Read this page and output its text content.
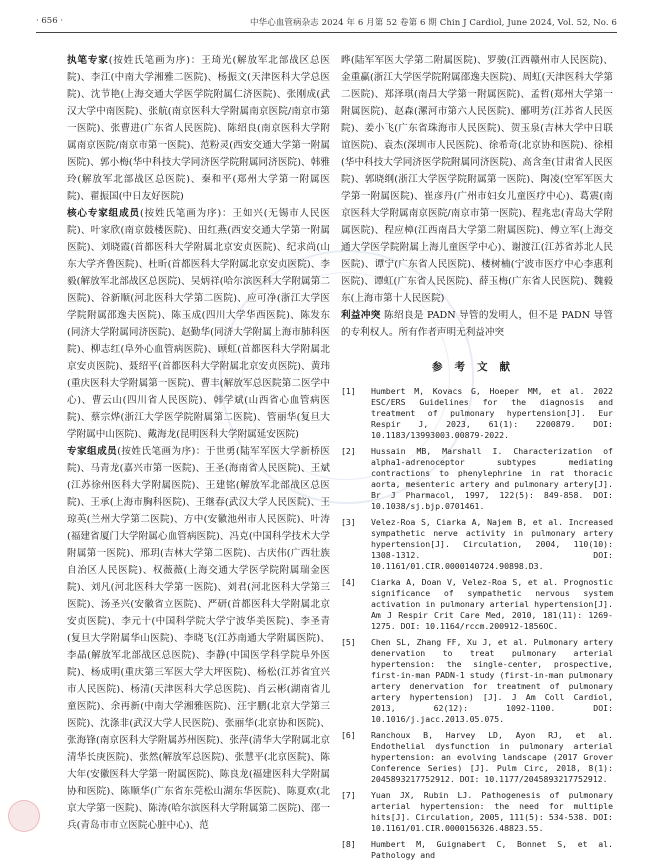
· 656 ·	中华心血管病杂志 2024 年 6 月第 52 卷第 6 期 Chin J Cardiol, June 2024, Vol. 52, No. 6

执笔专家(按姓氏笔画为序)：王琦光(解放军北部战区总医院)、李江(中南大学湘雅二医院)、杨振文(天津医科大学总医院)、沈节艳(上海交通大学医学院附属仁济医院)、张刚成(武汉大学中南医院)、张航(南京医科大学附属南京医院/南京市第一医院)、张曹进(广东省人民医院)、陈绍良(南京医科大学附属南京医院/南京市第一医院)、范粉灵(西安交通大学第一附属医院)、郭小梅(华中科技大学同济医学院附属同济医院)、韩雅玲(解放军北部战区总医院)、秦和平(郑州大学第一附属医院)、翟振国(中日友好医院)

核心专家组成员(按姓氏笔画为序)：王如兴(无锡市人民医院)、叶家欣(南京鼓楼医院)、田红燕(西安交通大学第一附属医院)、刘晓霞(首都医科大学附属北京安贞医院)、纪求尚(山东大学齐鲁医院)、杜昕(首都医科大学附属北京安贞医院)、李毅(解放军北部战区总医院)、吴炳祥(哈尔滨医科大学附属第二医院)、谷新顺(河北医科大学第二医院)、应可净(浙江大学医学院附属邵逸夫医院)、陈玉成(四川大学华西医院)、陈发东(同济大学附属同济医院)、赵勤华(同济大学附属上海市肺科医院)、柳志红(阜外心血管病医院)、顾虹(首都医科大学附属北京安贞医院)、聂绍平(首都医科大学附属北京安贞医院)、黄玮(重庆医科大学附属第一医院)、曹丰(解放军总医院第二医学中心)、曹云山(四川省人民医院)、韩学斌(山西省心血管病医院)、蔡宗烨(浙江大学医学院附属第二医院)、管丽华(复旦大学附属中山医院)、戴海龙(昆明医科大学附属延安医院)

专家组成员(按姓氏笔画为序)：于世勇(陆军军医大学新桥医院)、马青龙(嘉兴市第一医院)、王圣(海南省人民医院)、王斌(江苏徐州医科大学附属医院)、王建铭(解放军北部战区总医院)、王承(上海市胸科医院)、王继春(武汉大学人民医院)、王琼英(兰州大学第二医院)、方中(安徽池州市人民医院)、叶涛(福建省厦门大学附属心血管病医院)、冯克(中国科学技术大学附属第一医院)、邢玥(吉林大学第二医院)、古庆伟(广西壮族自治区人民医院)、权薇薇(上海交通大学医学院附属瑞金医院)、刘凡(河北医科大学第一医院)、刘君(河北医科大学第三医院)、汤圣兴(安徽省立医院)、严研(首都医科大学附属北京安贞医院)、李元十(中国科学院大学宁波华美医院)、李圣青(复旦大学附属华山医院)、李晓飞(江苏南通大学附属医院)、李晶(解放军北部战区总医院)、李静(中国医学科学院阜外医院)、杨成明(重庆第三军医大学大坪医院)、杨松(江苏省宜兴市人民医院)、杨清(天津医科大学总医院)、肖云彬(湖南省儿童医院)、余再新(中南大学湘雅医院)、汪宇鹏(北京大学第三医院)、沈涤非(武汉大学人民医院)、张丽华(北京协和医院)、张海锋(南京医科大学附属苏州医院)、张萍(清华大学附属北京清华长庚医院)、张然(解放军总医院)、张慧平(北京医院)、陈大年(安徽医科大学第一附属医院)、陈良龙(福建医科大学附属协和医院)、陈顺华(广东省东莞松山湖东华医院)、陈夏欢(北京大学第一医院)、陈涛(哈尔滨医科大学附属第二医院)、邵一兵(青岛市市立医院心脏中心)、范

晔(陆军军医大学第二附属医院)、罗骏(江西赣州市人民医院)、金重赢(浙江大学医学院附属邵逸夫医院)、周虹(天津医科大学第二医院)、郑泽琪(南昌大学第一附属医院)、孟哲(郑州大学第一附属医院)、赵森(漯河市第六人民医院)、郦明芳(江苏省人民医院)、姜小飞(广东省珠海市人民医院)、贺玉泉(吉林大学中日联谊医院)、袁杰(深圳市人民医院)、徐希奇(北京协和医院)、徐相(华中科技大学同济医学院附属同济医院)、高含奎(甘肃省人民医院)、郭晓纲(浙江大学医学院附属第一医院)、陶凌(空军军医大学第一附属医院)、崔彦丹(广州市妇女儿童医疗中心)、葛震(南京医科大学附属南京医院/南京市第一医院)、程兆忠(青岛大学附属医院)、程应樟(江西南昌大学第二附属医院)、傅立军(上海交通大学医学院附属上海儿童医学中心)、谢渡江(江苏省苏北人民医院)、谭宁(广东省人民医院)、楼树楠(宁波市医疗中心李惠利医院)、谭虹(广东省人民医院)、薛玉梅(广东省人民医院)、魏毅东(上海市第十人民医院)

利益冲突 陈绍良是 PADN 导管的发明人，但不是 PADN 导管的专利权人。所有作者声明无利益冲突

参考文献
[1] Humbert M, Kovacs G, Hoeper MM, et al. 2022 ESC/ERS Guidelines for the diagnosis and treatment of pulmonary hypertension[J]. Eur Respir J, 2023, 61(1): 2200879. DOI: 10.1183/13993003.00879-2022.
[2] Hussain MB, Marshall I. Characterization of alpha1-adrenoceptor subtypes mediating contractions to phenylephrine in rat thoracic aorta, mesenteric artery and pulmonary artery[J]. Br J Pharmacol, 1997, 122(5): 849-858. DOI: 10.1038/sj.bjp.0701461.
[3] Velez-Roa S, Ciarka A, Najem B, et al. Increased sympathetic nerve activity in pulmonary artery hypertension[J]. Circulation, 2004, 110(10): 1308-1312. DOI: 10.1161/01.CIR.0000140724.90898.D3.
[4] Ciarka A, Doan V, Velez-Roa S, et al. Prognostic significance of sympathetic nervous system activation in pulmonary arterial hypertension[J]. Am J Respir Crit Care Med, 2010, 181(11): 1269-1275. DOI: 10.1164/rccm.200912-1856OC.
[5] Chen SL, Zhang FF, Xu J, et al. Pulmonary artery denervation to treat pulmonary arterial hypertension: the single-center, prospective, first-in-man PADN-1 study (first-in-man pulmonary artery denervation for treatment of pulmonary artery hypertension) [J]. J Am Coll Cardiol, 2013, 62(12): 1092-1100. DOI: 10.1016/j.jacc.2013.05.075.
[6] Ranchoux B, Harvey LD, Ayon RJ, et al. Endothelial dysfunction in pulmonary arterial hypertension: an evolving landscape (2017 Grover Conference Series) [J]. Pulm Circ, 2018, 8(1): 2045893217752912. DOI: 10.1177/2045893217752912.
[7] Yuan JX, Rubin LJ. Pathogenesis of pulmonary arterial hypertension: the need for multiple hits[J]. Circulation, 2005, 111(5): 534-538. DOI: 10.1161/01.CIR.0000156326.48823.55.
[8] Humbert M, Guignabert C, Bonnet S, et al. Pathology and
